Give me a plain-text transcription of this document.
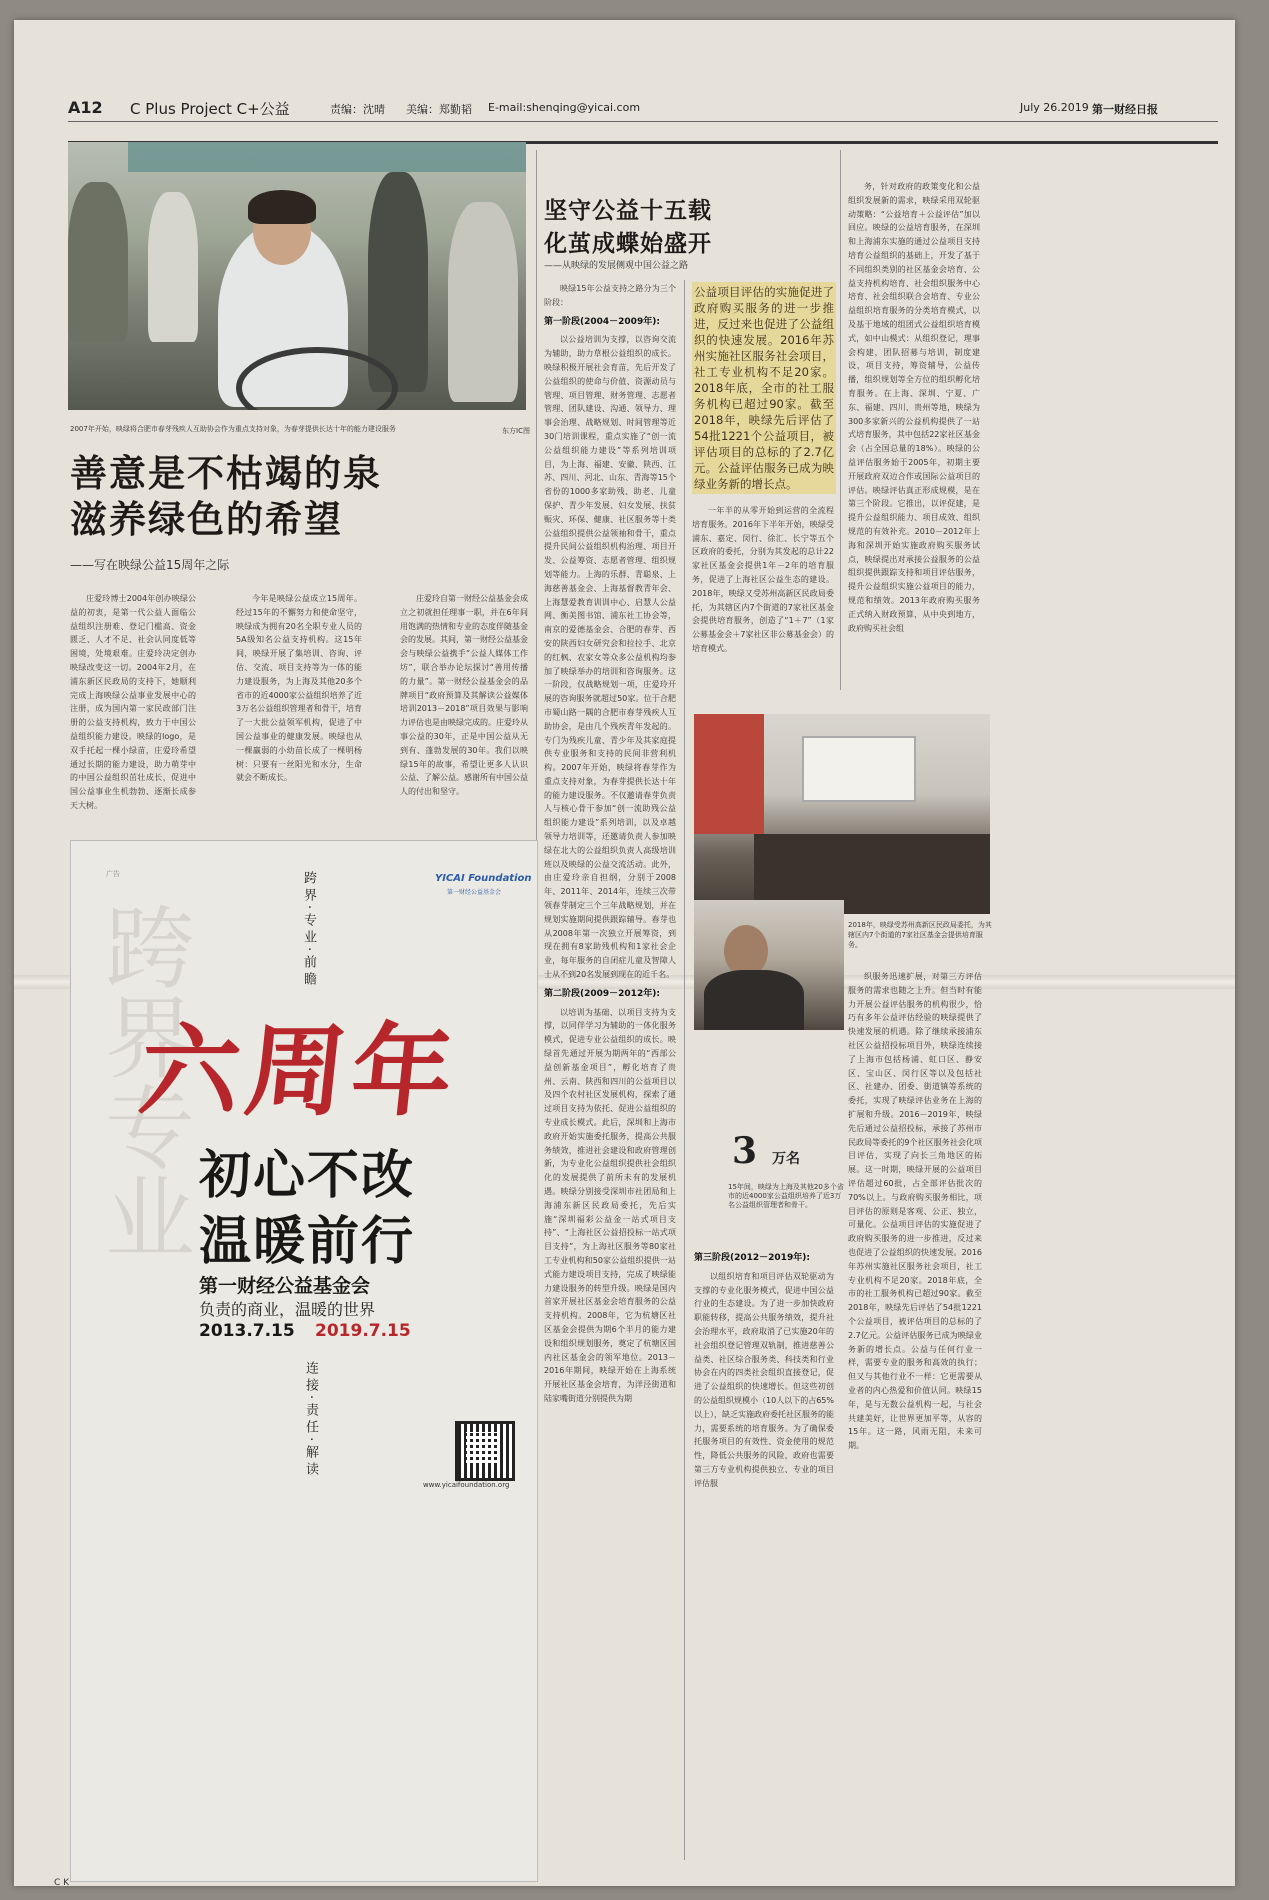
A12 C Plus Project C+公益	责编：沈晴 美编：郑勤韬 E-mail:shenqing@yicai.com	July 26.2019 第一财经日报
2007年开始，映绿将合肥市春芽残疾人互助协会作为重点支持对象，为春芽提供长达十年的能力建设服务	东方IC图
善意是不枯竭的泉
滋养绿色的希望
——写在映绿公益15周年之际

庄爱玲博士2004年创办映绿公益的初衷，是第一代公益人面临公益组织注册难、登记门槛高、资金匮乏、人才不足、社会认同度低等困境，处境艰难。庄爱玲决定创办映绿改变这一切。2004年2月，在浦东新区民政局的支持下，她顺利完成上海映绿公益事业发展中心的注册，成为国内第一家民政部门注册的公益支持机构，致力于中国公益组织能力建设。映绿的logo，是双手托起一棵小绿苗，庄爱玲希望通过长期的能力建设，助力萌芽中的中国公益组织茁壮成长，促进中国公益事业生机勃勃、逐渐长成参天大树。

今年是映绿公益成立15周年。经过15年的不懈努力和使命坚守，映绿成为拥有20名全职专业人员的5A级知名公益支持机构。这15年间，映绿开展了集培训、咨询、评估、交流、项目支持等为一体的能力建设服务，为上海及其他20多个省市的近4000家公益组织培养了近3万名公益组织管理者和骨干，培育了一大批公益领军机构，促进了中国公益事业的健康发展。映绿也从一棵羸弱的小幼苗长成了一棵明杨树：只要有一丝阳光和水分，生命就会不断成长。

庄爱玲自第一财经公益基金会成立之初就担任理事一职，并在6年间用饱满的热情和专业的态度伴随基金会的发展。其间，第一财经公益基金会与映绿公益携手“公益人媒体工作坊”，联合举办论坛探讨“善用传播的力量”。第一财经公益基金会的品牌项目“政府预算及其解读公益媒体培训2013－2018”项目效果与影响力评估也是由映绿完成的。庄爱玲从事公益的30年，正是中国公益从无到有、蓬勃发展的30年。我们以映绿15年的故事，希望让更多人认识公益、了解公益。感谢所有中国公益人的付出和坚守。

坚守公益十五载
化茧成蝶始盛开
——从映绿的发展侧观中国公益之路

映绿15年公益支持之路分为三个阶段：

第一阶段(2004－2009年):

以公益培训为支撑，以咨询交流为辅助，助力草根公益组织的成长。映绿积极开展社会育苗，先后开发了公益组织的使命与价值、资源动员与管理、项目管理、财务管理、志愿者管理、团队建设、沟通、领导力、理事会治理、战略规划、时间管理等近30门培训课程，重点实施了“创一流公益组织能力建设”等系列培训项目，为上海、福建、安徽、陕西、江苏、四川、河北、山东、青海等15个省份的1000多家助残、助老、儿童保护、青少年发展、妇女发展、扶贫赈灾、环保、健康、社区服务等十类公益组织提供公益领袖和骨干，重点提升民间公益组织机构治理、项目开发、公益筹资、志愿者管理、组织规划等能力。上海的乐群、青聪泉、上海慈善基金会、上海基督教青年会、上海慧爱教育训训中心、启慧人公益网、衡美图书馆、浦东社工协会等，南京的爱德基金会、合肥的春芽、西安的陕西妇女研究会和拉拉手、北京的红枫、农家女等众多公益机构均参加了映绿举办的培训和咨询服务。这一阶段，仅战略规划一项，庄爱玲开展的咨询服务就超过50家。位于合肥市蜀山路一隅的合肥市春芽残疾人互助协会，是由几个残疾青年发起的。专门为残疾儿童、青少年及其家庭提供专业服务和支持的民间非营利机构。2007年开始，映绿将春芽作为重点支持对象，为春芽提供长达十年的能力建设服务。不仅邀请春芽负责人与核心骨干参加“创一流助残公益组织能力建设”系列培训，以及卓越领导力培训等，还邀请负责人参加映绿在北大的公益组织负责人高级培训班以及映绿的公益交流活动。此外，由庄爱玲亲自担纲，分别于2008年、2011年、2014年，连续三次带领春芽制定三个三年战略规划，并在规划实施期间提供跟踪辅导。春芽也从2008年第一次独立开展筹资，到现在拥有8家助残机构和1家社会企业，每年服务的自闭症儿童及智障人士从不到20名发展到现在的近千名。

第二阶段(2009－2012年):

以培训为基础、以项目支持为支撑，以同伴学习为辅助的一体化服务模式，促进专业公益组织的成长。映绿首先通过开展为期两年的“西部公益创新基金项目”，孵化培育了贵州、云南、陕西和四川的公益项目以及四个农村社区发展机构，探索了通过项目支持为依托、促进公益组织的专业成长模式。此后，深圳和上海市政府开始实施委托服务，提高公共服务绩效，推进社会建设和政府管理创新，为专业化公益组织提供社会组织化的发展提供了前所未有的发展机遇。映绿分别接受深圳市社团局和上海浦东新区民政局委托，先后实施“深圳福彩公益金一站式项目支持”、“上海社区公益招投标一站式项目支持”，为上海社区服务等80家社工专业机构和50家公益组织提供一站式能力建设项目支持，完成了映绿能力建设服务的转型升级。映绿是国内首家开展社区基金会培育服务的公益支持机构。2008年，它为杭塘区社区基金会提供为期6个半月的能力建设和组织规划服务，奠定了杭塘区国内社区基金会的领军地位。2013－2016年期间，映绿开始在上海系统开展社区基金会培育，为洋泾街道和陆家嘴街道分别提供为期

公益项目评估的实施促进了政府购买服务的进一步推进，反过来也促进了公益组织的快速发展。2016年苏州实施社区服务社会项目，社工专业机构不足20家。2018年底，全市的社工服务机构已超过90家。截至2018年，映绿先后评估了54批1221个公益项目，被评估项目的总标的了2.7亿元。公益评估服务已成为映绿业务新的增长点。

一年半的从零开始到运营的全流程培育服务。2016年下半年开始，映绿受浦东、嘉定、闵行、徐汇、长宁等五个区政府的委托，分别为其发起的总计22家社区基金会提供1年－2年的培育服务，促进了上海社区公益生态的建设。2018年，映绿又受苏州高新区民政局委托，为其辖区内7个街道的7家社区基金会提供培育服务，创造了“1＋7”（1家公募基金会＋7家社区非公募基金会）的培育模式。

务，针对政府的政策变化和公益组织发展新的需求，映绿采用双轮驱动策略：“公益培育＋公益评估”加以回应。映绿的公益培育服务，在深圳和上海浦东实施的通过公益项目支持培育公益组织的基础上，开发了基于不同组织类别的社区基金会培育、公益支持机构培育、社会组织服务中心培育、社会组织联合会培育、专业公益组织培育服务的分类培育模式，以及基于地域的组团式公益组织培育模式，如中山模式：从组织登记，理事会构建，团队招募与培训，制度建设，项目支持，筹资辅导，公益传播，组织规划等全方位的组织孵化培育服务。在上海、深圳、宁夏、广东、福建、四川、贵州等地，映绿为300多家新兴的公益机构提供了一站式培育服务，其中包括22家社区基金会（占全国总量的18%）。映绿的公益评估服务始于2005年，初期主要开展政府双边合作或国际公益项目的评估。映绿评估真正形成规模，是在第三个阶段。它推出，以评促建，是提升公益组织能力、项目成效、组织规范的有效补充。2010－2012年上海和深圳开始实施政府购买服务试点，映绿提出对承接公益服务的公益组织提供跟踪支持和项目评估服务，提升公益组织实施公益项目的能力，规范和绩效。2013年政府购买服务正式纳入财政预算，从中央到地方，政府购买社会组

2018年，映绿受苏州高新区民政局委托，为其辖区内7个街道的7家社区基金会提供培育服务。
3 万名
15年间，映绿为上海及其他20多个省市的近4000家公益组织培养了近3万名公益组织管理者和骨干。
第三阶段(2012－2019年):

以组织培育和项目评估双轮驱动为支撑的专业化服务模式，促进中国公益行业的生态建设。为了进一步加快政府职能转移，提高公共服务绩效，提升社会治理水平，政府取消了已实施20年的社会组织登记管理双轨制，推进慈善公益类、社区综合服务类、科技类和行业协会在内的四类社会组织直接登记，促进了公益组织的快速增长。但这些初创的公益组织规模小（10人以下的占65%以上），缺乏实施政府委托社区服务的能力，需要系统的培育服务。为了确保委托服务项目的有效性、资金使用的规范性，降低公共服务的风险，政府也需要第三方专业机构提供独立、专业的项目评估服

织服务迅速扩展，对第三方评估服务的需求也随之上升。但当时有能力开展公益评估服务的机构很少，恰巧有多年公益评估经验的映绿提供了快速发展的机遇。除了继续承接浦东社区公益招投标项目外，映绿连续接了上海市包括杨浦、虹口区、静安区、宝山区、闵行区等以及包括社区、社建办、团委、街道镇等系统的委托，实现了映绿评估业务在上海的扩展和升级。2016－2019年，映绿先后通过公益招投标，承接了苏州市民政局等委托的9个社区服务社会化项目评估，实现了向长三角地区的拓展。这一时期，映绿开展的公益项目评估超过60批，占全部评估批次的70%以上。与政府购买服务相比，项目评估的原则是客观、公正、独立，可量化。公益项目评估的实施促进了政府购买服务的进一步推进，反过来也促进了公益组织的快速发展。2016年苏州实施社区服务社会项目，社工专业机构不足20家。2018年底，全市的社工服务机构已超过90家。截至2018年，映绿先后评估了54批1221个公益项目，被评估项目的总标的了2.7亿元。公益评估服务已成为映绿业务新的增长点。公益与任何行业一样，需要专业的服务和高效的执行；但又与其他行业不一样：它更需要从业者的内心热爱和价值认同。映绿15年，是与无数公益机构一起，与社会共建美好，让世界更加平等，从容的15年。这一路，风雨无阻，未来可期。

跨界专业
广告	跨界·专业·前瞻	YICAI Foundation
第一财经公益基金会
六周年
初心不改
温暖前行
第一财经公益基金会
负责的商业，温暖的世界
2013.7.15 2019.7.15
连接·责任·解读
www.yicaifoundation.org
C K
